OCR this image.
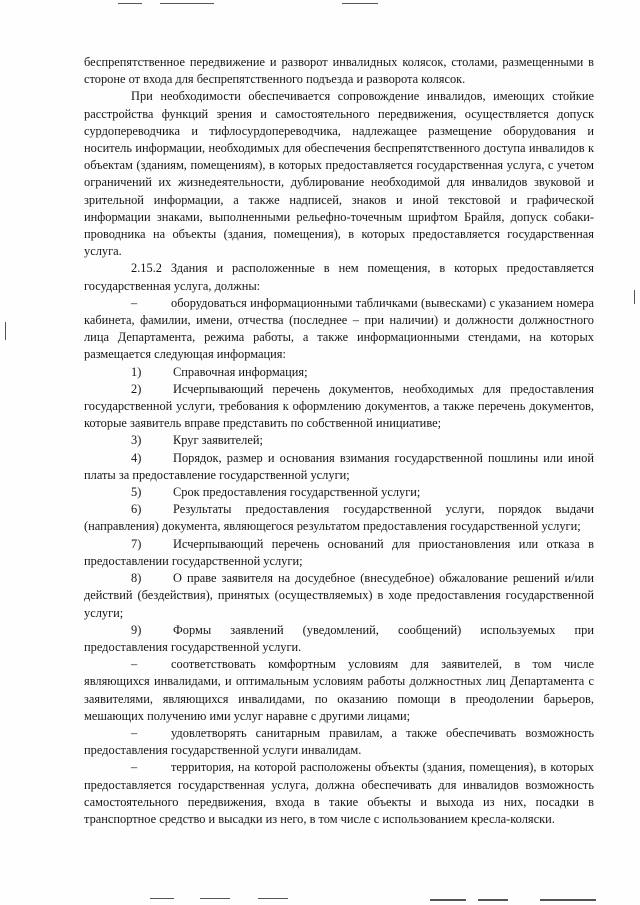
беспрепятственное передвижение и разворот инвалидных колясок, столами, размещенными в стороне от входа для беспрепятственного подъезда и разворота колясок.

При необходимости обеспечивается сопровождение инвалидов, имеющих стойкие расстройства функций зрения и самостоятельного передвижения, осуществляется допуск сурдопереводчика и тифлосурдопереводчика, надлежащее размещение оборудования и носитель информации, необходимых для обеспечения беспрепятственного доступа инвалидов к объектам (зданиям, помещениям), в которых предоставляется государственная услуга, с учетом ограничений их жизнедеятельности, дублирование необходимой для инвалидов звуковой и зрительной информации, а также надписей, знаков и иной текстовой и графической информации знаками, выполненными рельефно-точечным шрифтом Брайля, допуск собаки-проводника на объекты (здания, помещения), в которых предоставляется государственная услуга.

2.15.2 Здания и расположенные в нем помещения, в которых предоставляется государственная услуга, должны:

–	оборудоваться информационными табличками (вывесками) с указанием номера кабинета, фамилии, имени, отчества (последнее – при наличии) и должности должностного лица Департамента, режима работы, а также информационными стендами, на которых размещается следующая информация:

1)	Справочная информация;

2)	Исчерпывающий перечень документов, необходимых для предоставления государственной услуги, требования к оформлению документов, а также перечень документов, которые заявитель вправе представить по собственной инициативе;

3)	Круг заявителей;

4)	Порядок, размер и основания взимания государственной пошлины или иной платы за предоставление государственной услуги;

5)	Срок предоставления государственной услуги;

6)	Результаты предоставления государственной услуги, порядок выдачи (направления) документа, являющегося результатом предоставления государственной услуги;

7)	Исчерпывающий перечень оснований для приостановления или отказа в предоставлении государственной услуги;

8)	О праве заявителя на досудебное (внесудебное) обжалование решений и/или действий (бездействия), принятых (осуществляемых) в ходе предоставления государственной услуги;

9)	Формы заявлений (уведомлений, сообщений) используемых при предоставления государственной услуги.

–	соответствовать комфортным условиям для заявителей, в том числе являющихся инвалидами, и оптимальным условиям работы должностных лиц Департамента с заявителями, являющихся инвалидами, по оказанию помощи в преодолении барьеров, мешающих получению ими услуг наравне с другими лицами;

–	удовлетворять санитарным правилам, а также обеспечивать возможность предоставления государственной услуги инвалидам.

–	территория, на которой расположены объекты (здания, помещения), в которых предоставляется государственная услуга, должна обеспечивать для инвалидов возможность самостоятельного передвижения, входа в такие объекты и выхода из них, посадки в транспортное средство и высадки из него, в том числе с использованием кресла-коляски.
